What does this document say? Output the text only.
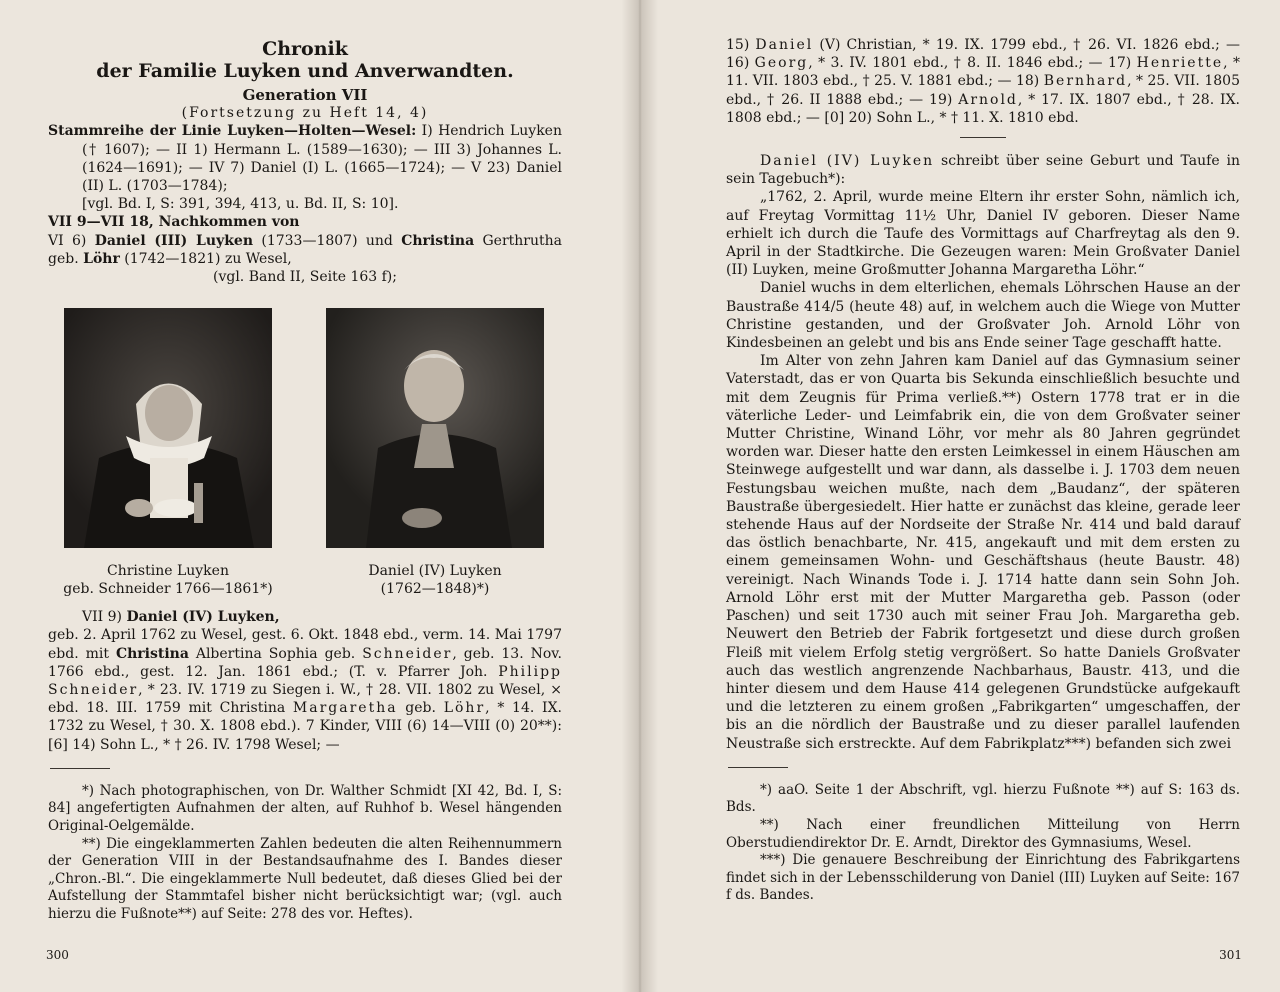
Chronik
der Familie Luyken und Anverwandten.
Generation VII
(Fortsetzung zu Heft 14, 4)

Stammreihe der Linie Luyken—Holten—Wesel: I) Hendrich Luyken († 1607); — II 1) Hermann L. (1589—1630); — III 3) Johannes L. (1624—1691); — IV 7) Daniel (I) L. (1665—1724); — V 23) Daniel (II) L. (1703—1784);
[vgl. Bd. I, S: 391, 394, 413, u. Bd. II, S: 10].

VII 9—VII 18, Nachkommen von

VI 6) Daniel (III) Luyken (1733—1807) und Christina Gerthrutha geb. Löhr (1742—1821) zu Wesel,

(vgl. Band II, Seite 163 f);

Christine Luyken
geb. Schneider 1766—1861*)
Daniel (IV) Luyken
(1762—1848)*)

VII 9) Daniel (IV) Luyken,

geb. 2. April 1762 zu Wesel, gest. 6. Okt. 1848 ebd., verm. 14. Mai 1797 ebd. mit Christina Albertina Sophia geb. Schneider, geb. 13. Nov. 1766 ebd., gest. 12. Jan. 1861 ebd.; (T. v. Pfarrer Joh. Philipp Schneider, * 23. IV. 1719 zu Siegen i. W., † 28. VII. 1802 zu Wesel, × ebd. 18. III. 1759 mit Christina Margaretha geb. Löhr, * 14. IX. 1732 zu Wesel, † 30. X. 1808 ebd.). 7 Kinder, VIII (6) 14—VIII (0) 20**): [6] 14) Sohn L., * † 26. IV. 1798 Wesel; —

*) Nach photographischen, von Dr. Walther Schmidt [XI 42, Bd. I, S: 84] angefertigten Aufnahmen der alten, auf Ruhhof b. Wesel hängenden Original-Oelgemälde.

**) Die eingeklammerten Zahlen bedeuten die alten Reihennummern der Generation VIII in der Bestandsaufnahme des I. Bandes dieser „Chron.-Bl.“. Die eingeklammerte Null bedeutet, daß dieses Glied bei der Aufstellung der Stammtafel bisher nicht berücksichtigt war; (vgl. auch hierzu die Fußnote**) auf Seite: 278 des vor. Heftes).

300

15) Daniel (V) Christian, * 19. IX. 1799 ebd., † 26. VI. 1826 ebd.; — 16) Georg, * 3. IV. 1801 ebd., † 8. II. 1846 ebd.; — 17) Henriette, * 11. VII. 1803 ebd., † 25. V. 1881 ebd.; — 18) Bernhard, * 25. VII. 1805 ebd., † 26. II 1888 ebd.; — 19) Arnold, * 17. IX. 1807 ebd., † 28. IX. 1808 ebd.; — [0] 20) Sohn L., * † 11. X. 1810 ebd.

Daniel (IV) Luyken schreibt über seine Geburt und Taufe in sein Tagebuch*):

„1762, 2. April, wurde meine Eltern ihr erster Sohn, nämlich ich, auf Freytag Vormittag 11½ Uhr, Daniel IV geboren. Dieser Name erhielt ich durch die Taufe des Vormittags auf Charfreytag als den 9. April in der Stadtkirche. Die Gezeugen waren: Mein Großvater Daniel (II) Luyken, meine Großmutter Johanna Margaretha Löhr.“

Daniel wuchs in dem elterlichen, ehemals Löhrschen Hause an der Baustraße 414/5 (heute 48) auf, in welchem auch die Wiege von Mutter Christine gestanden, und der Großvater Joh. Arnold Löhr von Kindesbeinen an gelebt und bis ans Ende seiner Tage geschafft hatte.

Im Alter von zehn Jahren kam Daniel auf das Gymnasium seiner Vaterstadt, das er von Quarta bis Sekunda einschließlich besuchte und mit dem Zeugnis für Prima verließ.**) Ostern 1778 trat er in die väterliche Leder- und Leimfabrik ein, die von dem Großvater seiner Mutter Christine, Winand Löhr, vor mehr als 80 Jahren gegründet worden war. Dieser hatte den ersten Leimkessel in einem Häuschen am Steinwege aufgestellt und war dann, als dasselbe i. J. 1703 dem neuen Festungsbau weichen mußte, nach dem „Baudanz“, der späteren Baustraße übergesiedelt. Hier hatte er zunächst das kleine, gerade leer stehende Haus auf der Nordseite der Straße Nr. 414 und bald darauf das östlich benachbarte, Nr. 415, angekauft und mit dem ersten zu einem gemeinsamen Wohn- und Geschäftshaus (heute Baustr. 48) vereinigt. Nach Winands Tode i. J. 1714 hatte dann sein Sohn Joh. Arnold Löhr erst mit der Mutter Margaretha geb. Passon (oder Paschen) und seit 1730 auch mit seiner Frau Joh. Margaretha geb. Neuwert den Betrieb der Fabrik fortgesetzt und diese durch großen Fleiß mit vielem Erfolg stetig vergrößert. So hatte Daniels Großvater auch das westlich angrenzende Nachbarhaus, Baustr. 413, und die hinter diesem und dem Hause 414 gelegenen Grundstücke aufgekauft und die letzteren zu einem großen „Fabrikgarten“ umgeschaffen, der bis an die nördlich der Baustraße und zu dieser parallel laufenden Neustraße sich erstreckte. Auf dem Fabrikplatz***) befanden sich zwei

*) aaO. Seite 1 der Abschrift, vgl. hierzu Fußnote **) auf S: 163 ds. Bds.

**) Nach einer freundlichen Mitteilung von Herrn Oberstudiendirektor Dr. E. Arndt, Direktor des Gymnasiums, Wesel.

***) Die genauere Beschreibung der Einrichtung des Fabrikgartens findet sich in der Lebensschilderung von Daniel (III) Luyken auf Seite: 167 f ds. Bandes.

301
